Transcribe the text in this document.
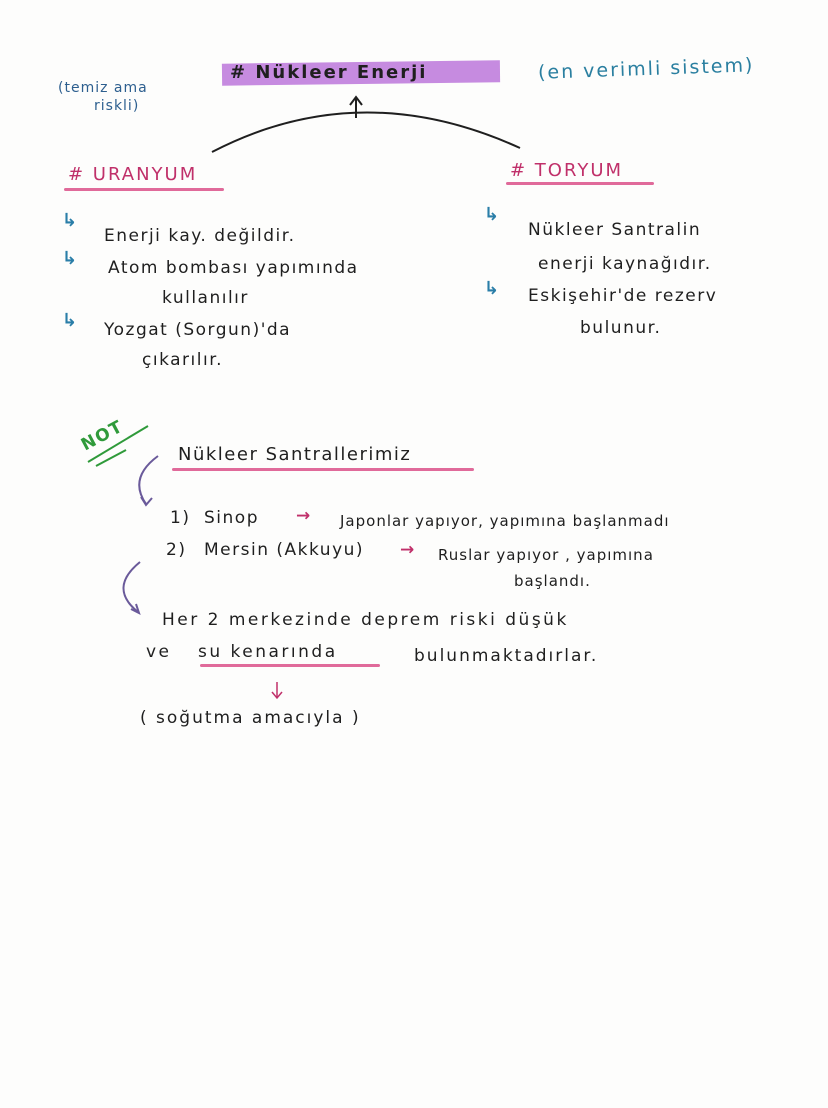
(temiz ama
riskli)
# Nükleer Enerji	(en verimli sistem)
# URANYUM
↳
Enerji kay. değildir.
↳ Atom bombası yapımında
kullanılır
↳ Yozgat (Sorgun)'da
çıkarılır.
# TORYUM
↳
Nükleer Santralin
enerji kaynağıdır.
↳ Eskişehir'de rezerv
bulunur.
NOT	Nükleer Santrallerimiz
1) Sinop → Japonlar yapıyor, yapımına başlanmadı
2) Mersin (Akkuyu) → Ruslar yapıyor , yapımına
başlandı.
Her 2 merkezinde deprem riski düşük
ve su kenarında	bulunmaktadırlar.
( soğutma amacıyla )
